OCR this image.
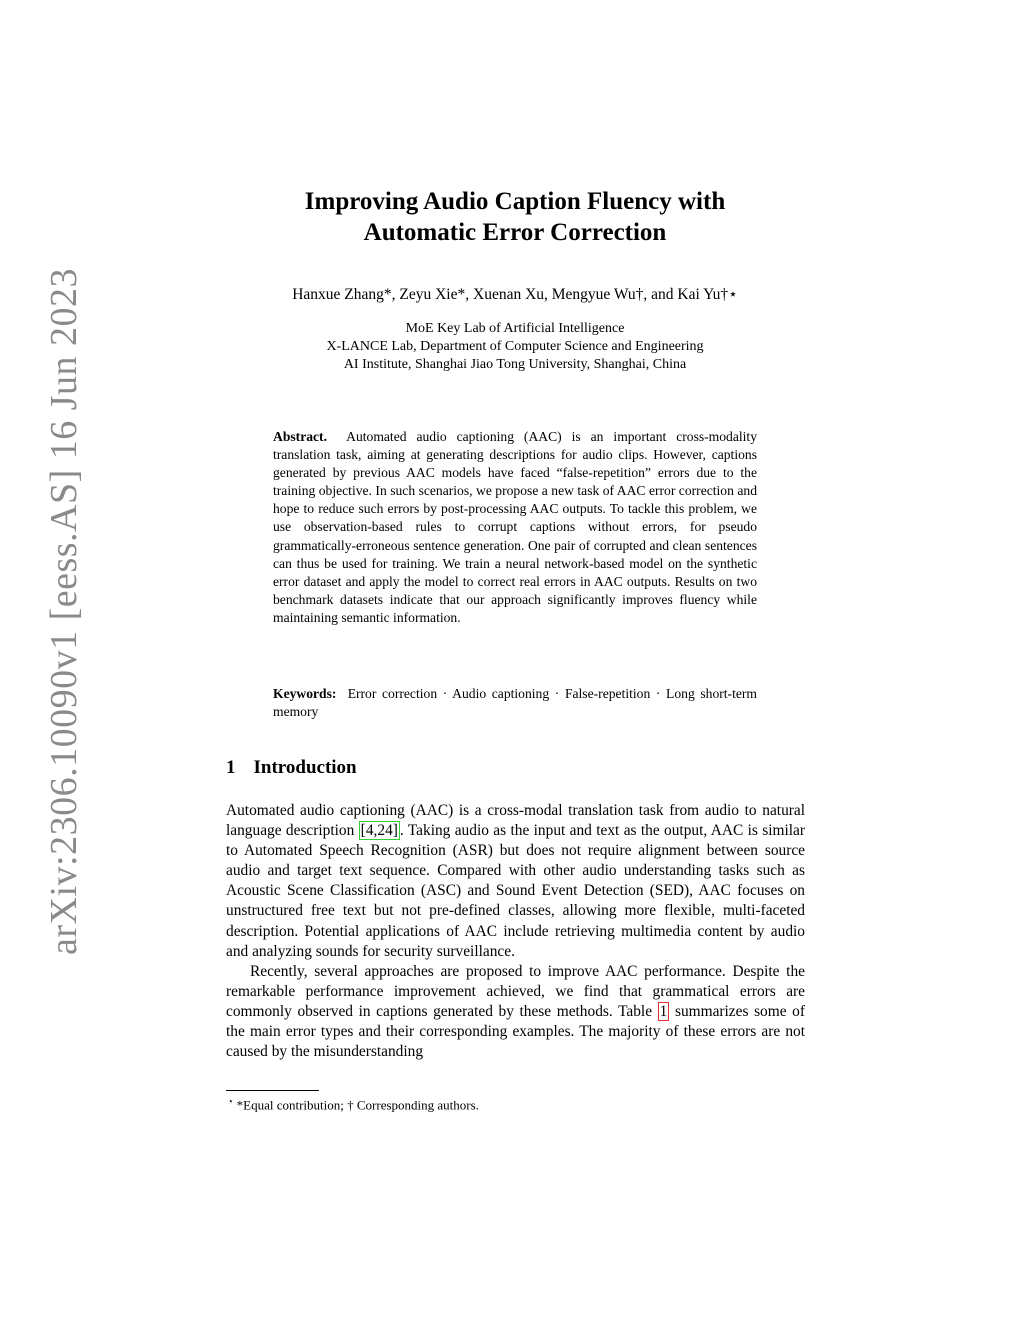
arXiv:2306.10090v1 [eess.AS] 16 Jun 2023
Improving Audio Caption Fluency with
Automatic Error Correction
Hanxue Zhang*, Zeyu Xie*, Xuenan Xu, Mengyue Wu†, and Kai Yu†⋆
MoE Key Lab of Artificial Intelligence
X-LANCE Lab, Department of Computer Science and Engineering
AI Institute, Shanghai Jiao Tong University, Shanghai, China
Abstract. Automated audio captioning (AAC) is an important cross-modality translation task, aiming at generating descriptions for audio clips. However, captions generated by previous AAC models have faced “false-repetition” errors due to the training objective. In such scenarios, we propose a new task of AAC error correction and hope to reduce such errors by post-processing AAC outputs. To tackle this problem, we use observation-based rules to corrupt captions without errors, for pseudo grammatically-erroneous sentence generation. One pair of corrupted and clean sentences can thus be used for training. We train a neural network-based model on the synthetic error dataset and apply the model to correct real errors in AAC outputs. Results on two benchmark datasets indicate that our approach significantly improves fluency while maintaining semantic information.
Keywords: Error correction · Audio captioning · False-repetition · Long short-term memory
1 Introduction

Automated audio captioning (AAC) is a cross-modal translation task from audio to natural language description [4,24] . Taking audio as the input and text as the output, AAC is similar to Automated Speech Recognition (ASR) but does not require alignment between source audio and target text sequence. Compared with other audio understanding tasks such as Acoustic Scene Classification (ASC) and Sound Event Detection (SED), AAC focuses on unstructured free text but not pre-defined classes, allowing more flexible, multi-faceted description. Potential applications of AAC include retrieving multimedia content by audio and analyzing sounds for security surveillance.

Recently, several approaches are proposed to improve AAC performance. Despite the remarkable performance improvement achieved, we find that grammatical errors are commonly observed in captions generated by these methods. Table 1 summarizes some of the main error types and their corresponding examples. The majority of these errors are not caused by the misunderstanding

⋆ *Equal contribution; † Corresponding authors.
